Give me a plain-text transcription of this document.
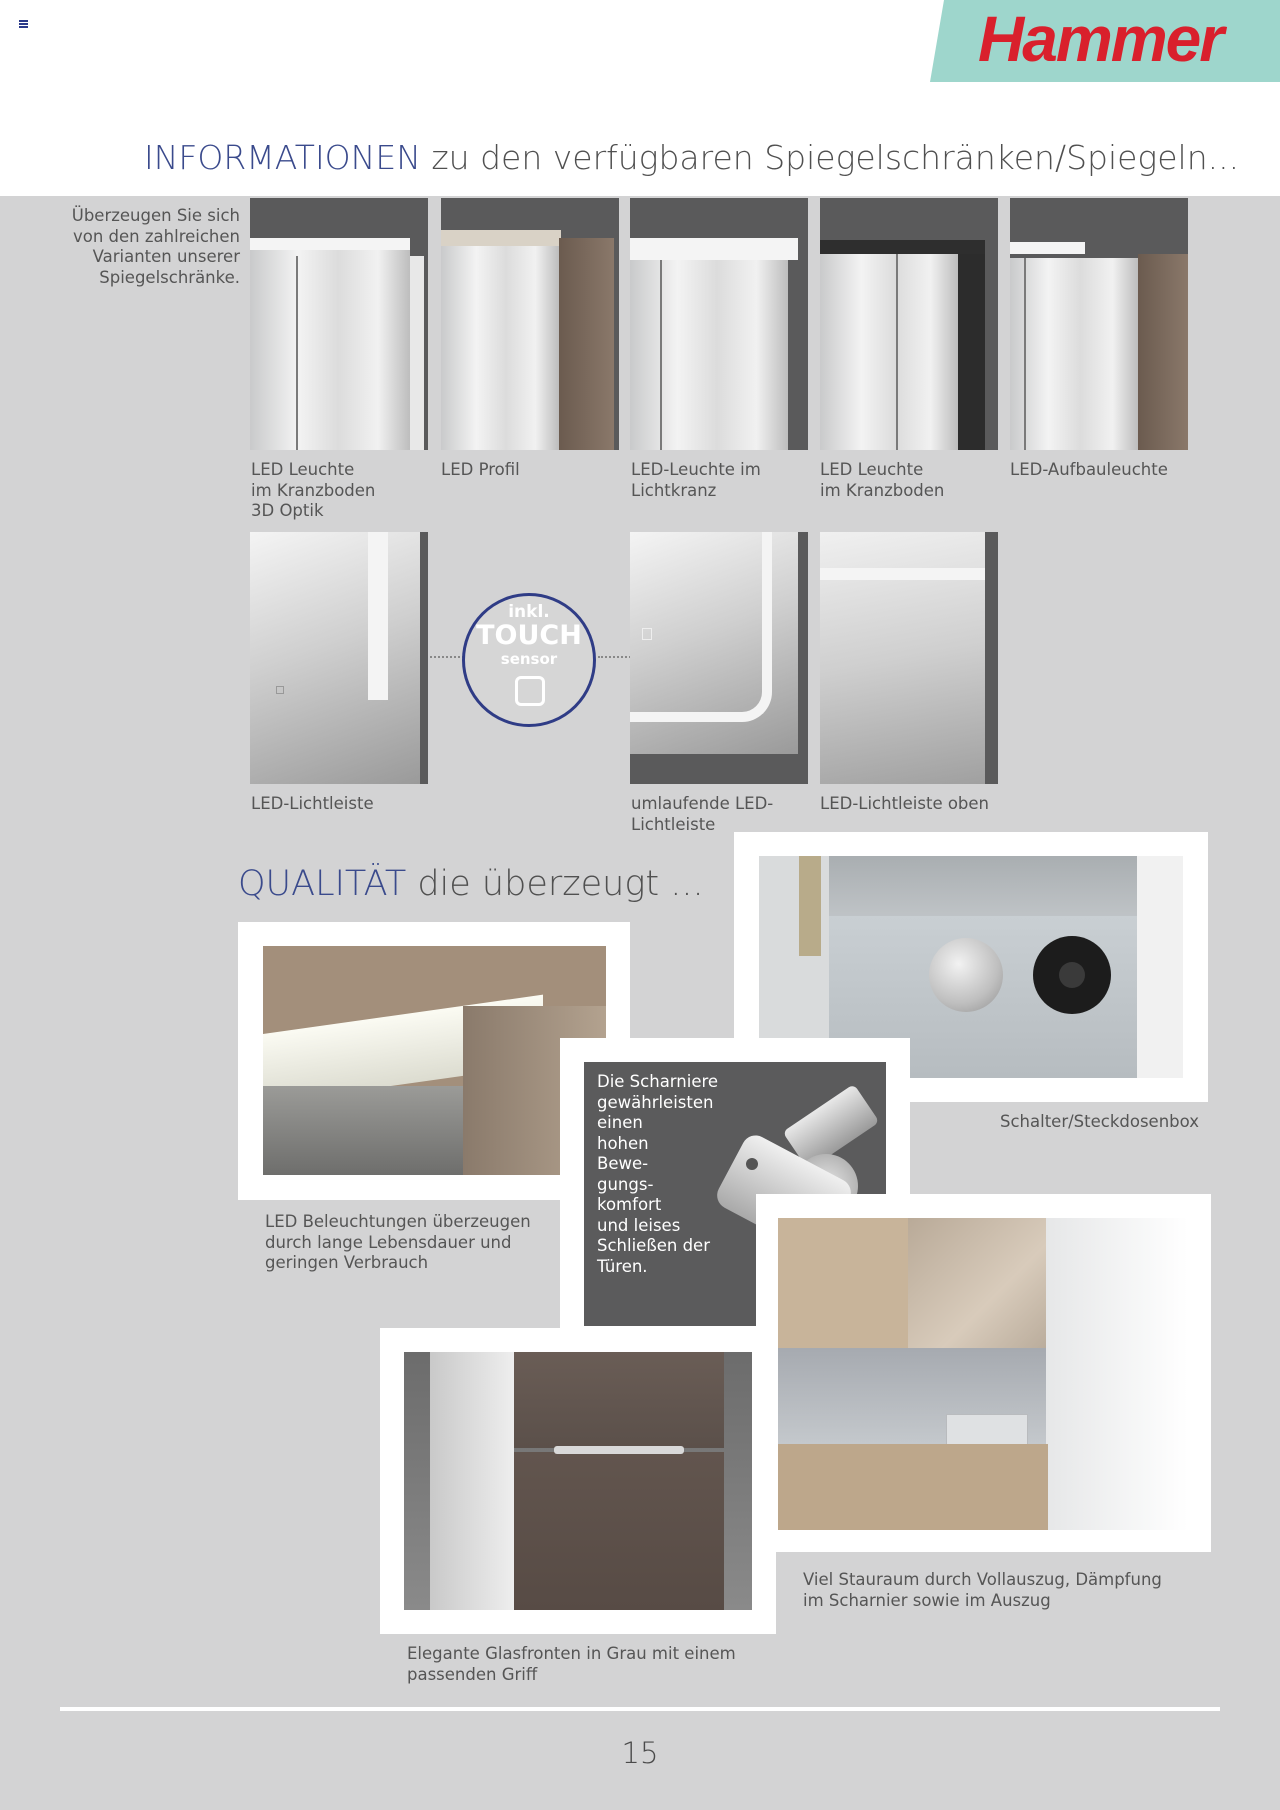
Hammer
INFORMATIONEN zu den verfügbaren Spiegelschränken/Spiegeln...
Überzeugen Sie sich von den zahlreichen Varianten unserer Spiegelschränke.
LED Leuchte
im Kranzboden
3D Optik
LED Profil	LED-Leuchte im
Lichtkranz
LED Leuchte
im Kranzboden
LED-Aufbauleuchte
inkl.
TOUCH
sensor
LED-Lichtleiste	umlaufende LED-
Lichtleiste
LED-Lichtleiste oben
QUALITÄT die überzeugt ...
Schalter/Steckdosenbox
LED Beleuchtungen überzeugen
durch lange Lebensdauer und
geringen Verbrauch
Die Scharniere
gewährleisten
einen
hohen
Bewe-
gungs-
komfort
und leises
Schließen der
Türen.
Viel Stauraum durch Vollauszug, Dämpfung
im Scharnier sowie im Auszug
Elegante Glasfronten in Grau mit einem
passenden Griff
15
